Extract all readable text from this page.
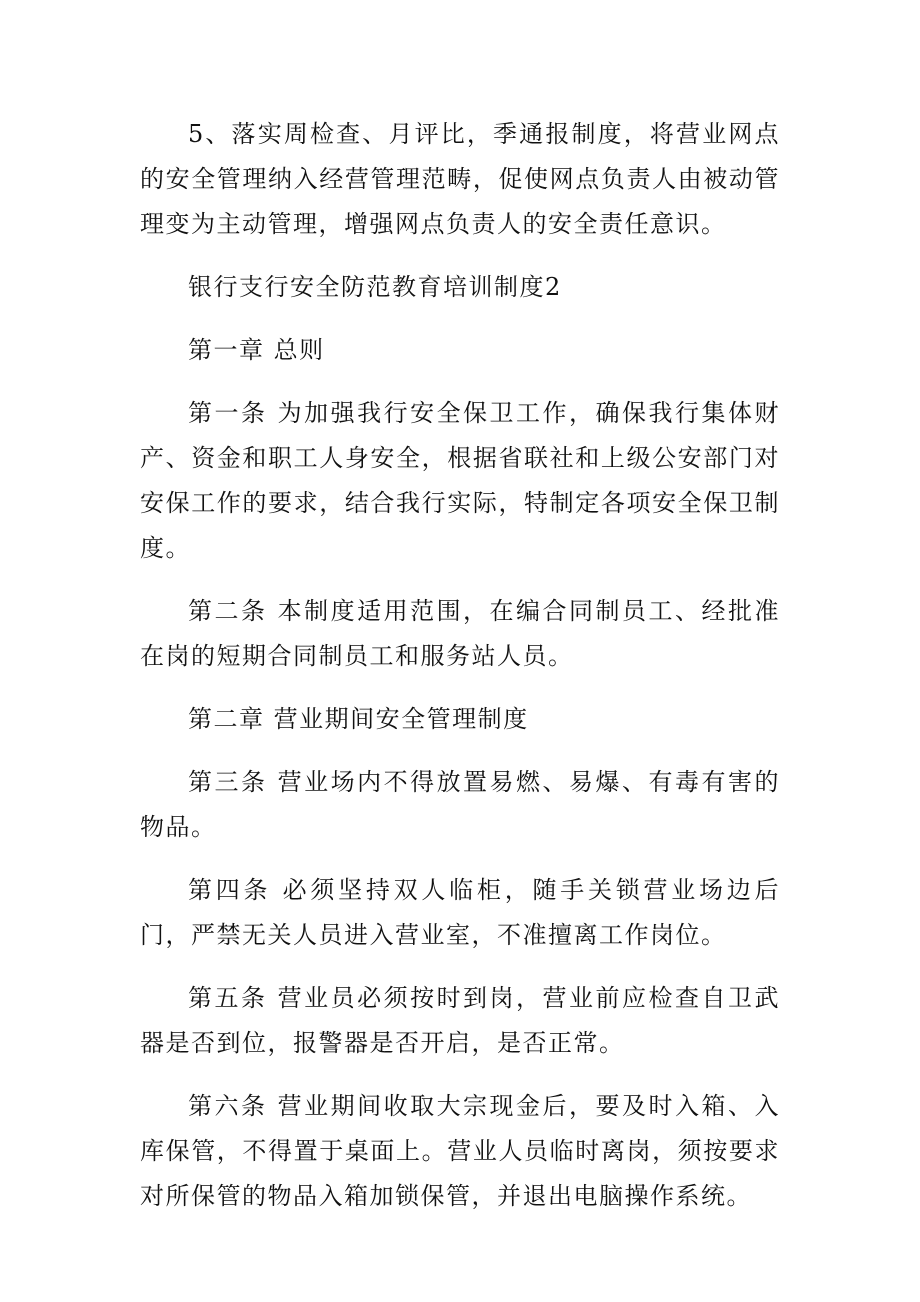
5、落实周检查、月评比，季通报制度，将营业网点的安全管理纳入经营管理范畴，促使网点负责人由被动管理变为主动管理，增强网点负责人的安全责任意识。

银行支行安全防范教育培训制度2

第一章 总则

第一条 为加强我行安全保卫工作，确保我行集体财产、资金和职工人身安全，根据省联社和上级公安部门对安保工作的要求，结合我行实际，特制定各项安全保卫制度。

第二条 本制度适用范围，在编合同制员工、经批准在岗的短期合同制员工和服务站人员。

第二章 营业期间安全管理制度

第三条 营业场内不得放置易燃、易爆、有毒有害的物品。

第四条 必须坚持双人临柜，随手关锁营业场边后门，严禁无关人员进入营业室，不准擅离工作岗位。

第五条 营业员必须按时到岗，营业前应检查自卫武器是否到位，报警器是否开启，是否正常。

第六条 营业期间收取大宗现金后，要及时入箱、入库保管，不得置于桌面上。营业人员临时离岗，须按要求对所保管的物品入箱加锁保管，并退出电脑操作系统。
